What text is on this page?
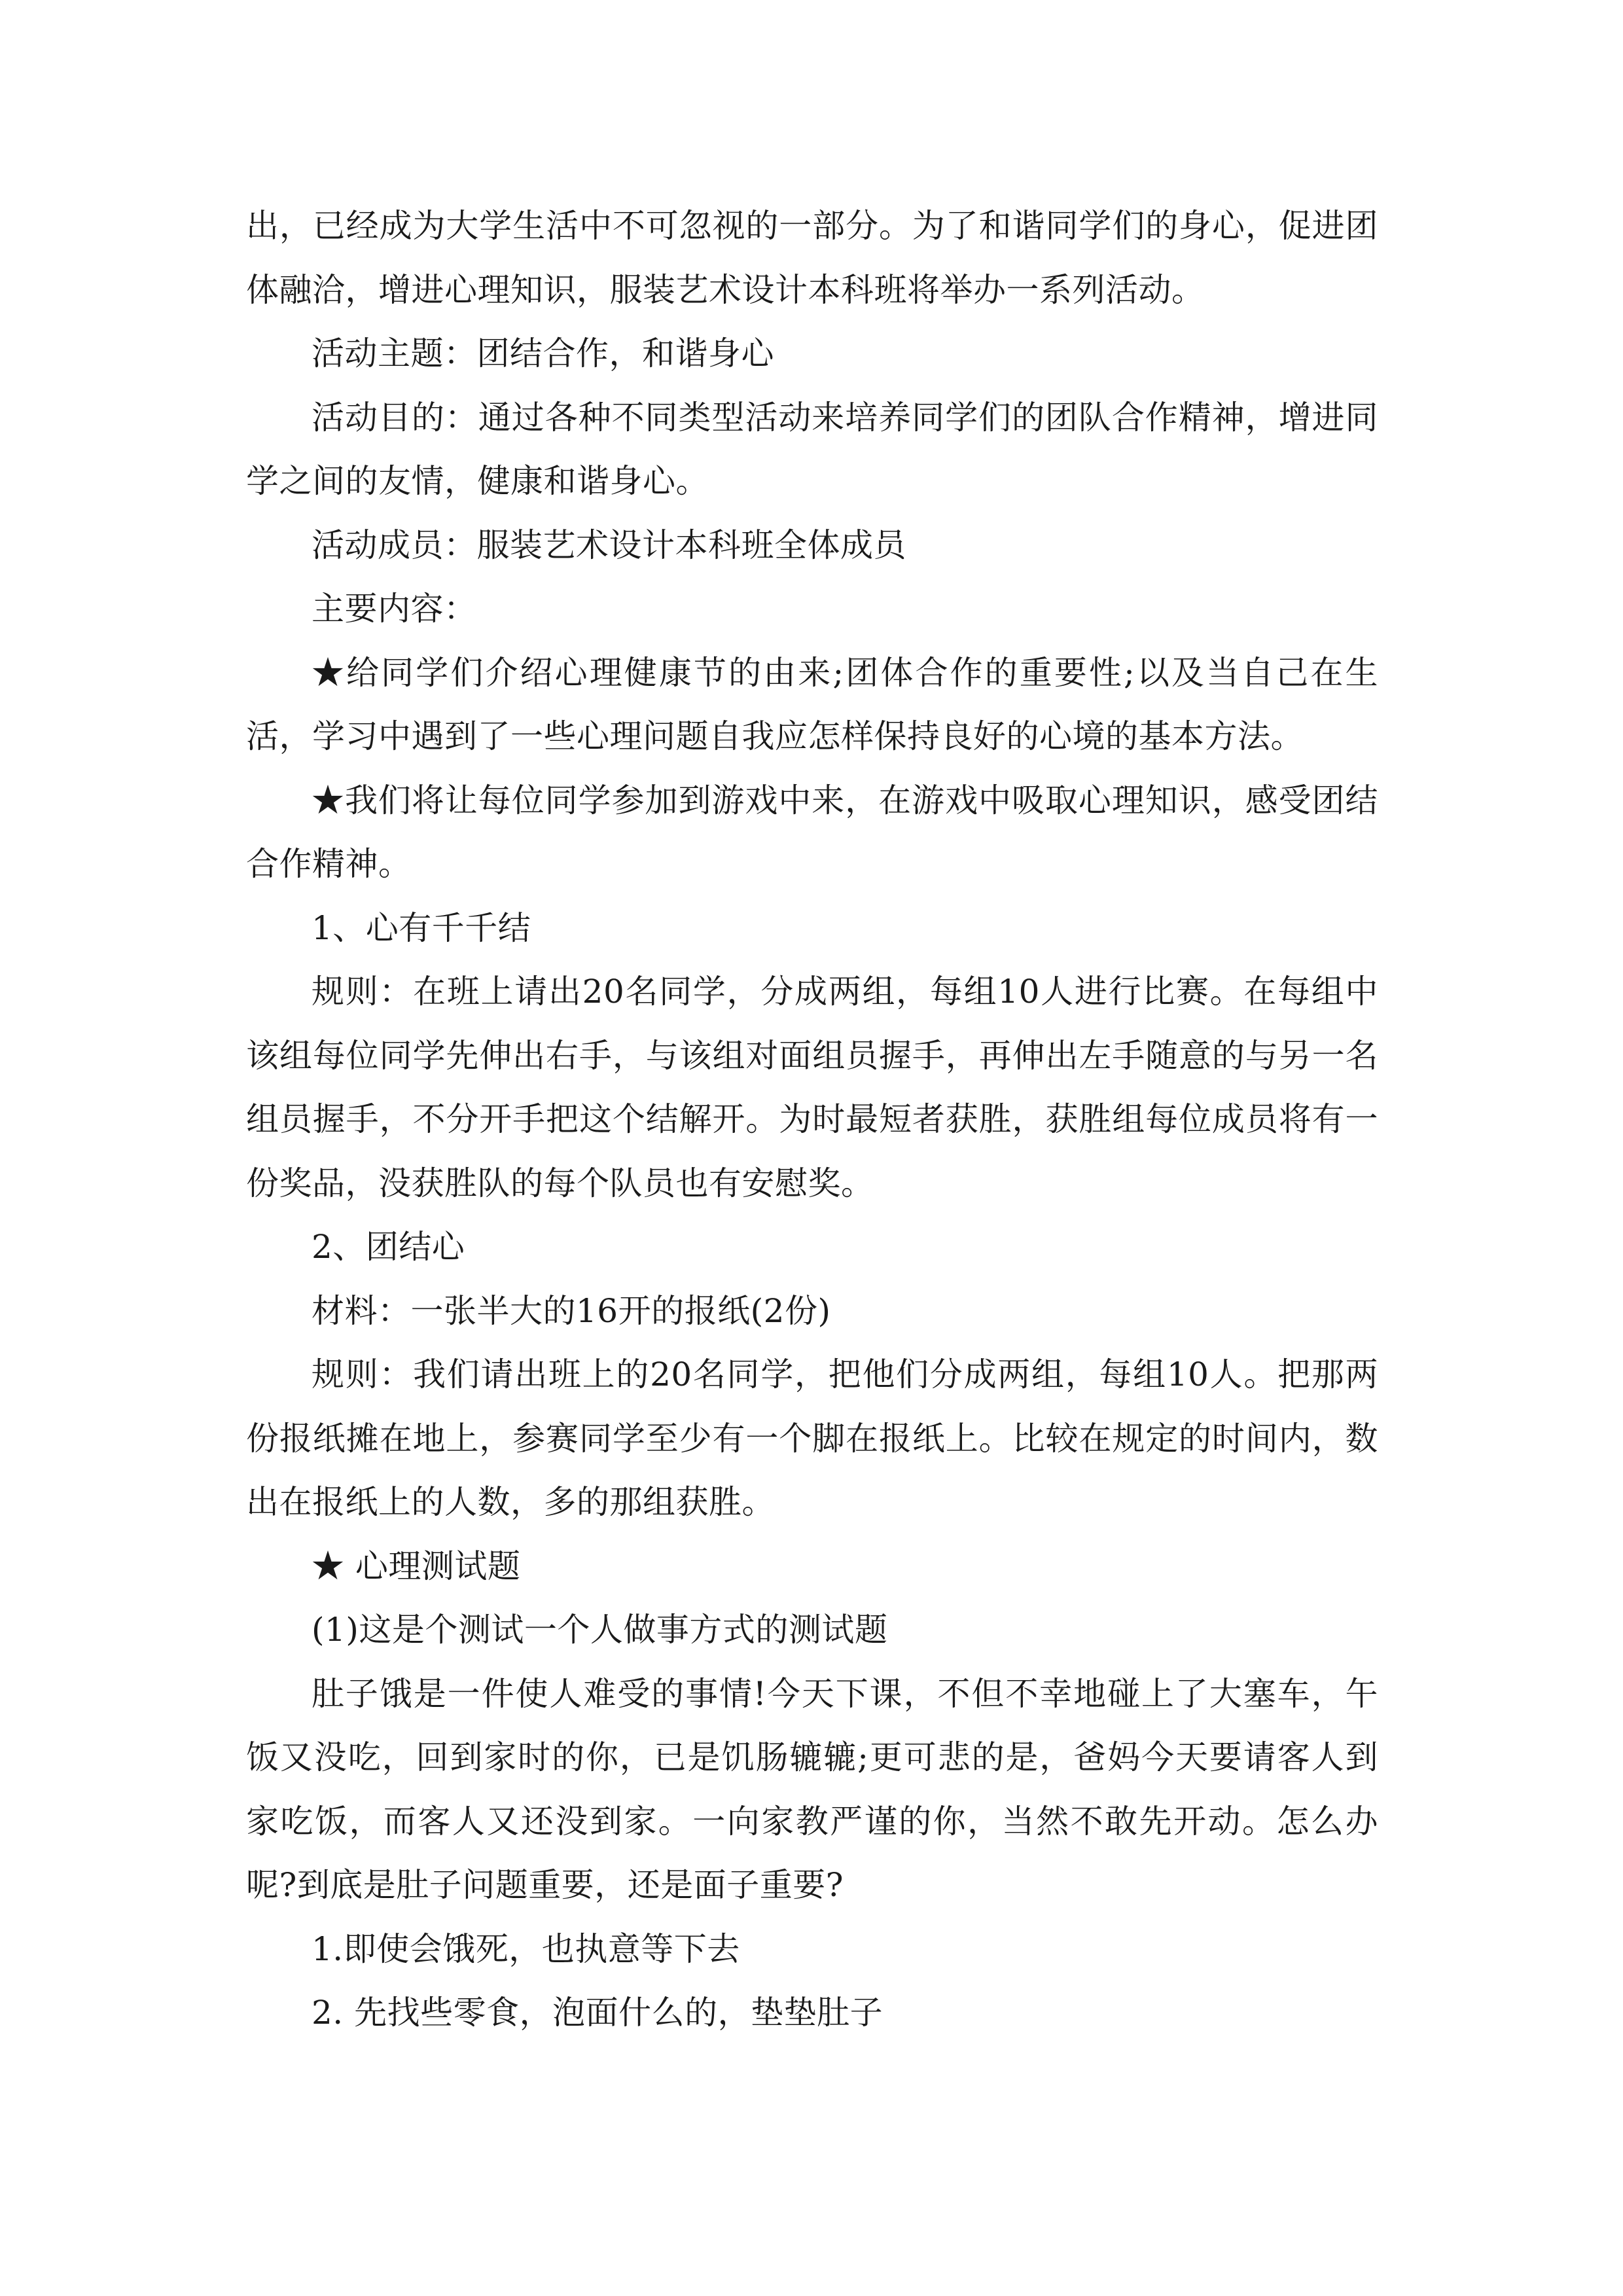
出，已经成为大学生活中不可忽视的一部分。为了和谐同学们的身心，促进团体融洽，增进心理知识，服装艺术设计本科班将举办一系列活动。

活动主题：团结合作，和谐身心

活动目的：通过各种不同类型活动来培养同学们的团队合作精神，增进同学之间的友情，健康和谐身心。

活动成员：服装艺术设计本科班全体成员

主要内容：

★给同学们介绍心理健康节的由来;团体合作的重要性;以及当自己在生活，学习中遇到了一些心理问题自我应怎样保持良好的心境的基本方法。

★我们将让每位同学参加到游戏中来，在游戏中吸取心理知识，感受团结合作精神。

1、心有千千结

规则：在班上请出20名同学，分成两组，每组10人进行比赛。在每组中该组每位同学先伸出右手，与该组对面组员握手，再伸出左手随意的与另一名组员握手，不分开手把这个结解开。为时最短者获胜，获胜组每位成员将有一份奖品，没获胜队的每个队员也有安慰奖。

2、团结心

材料：一张半大的16开的报纸(2份)

规则：我们请出班上的20名同学，把他们分成两组，每组10人。把那两份报纸摊在地上，参赛同学至少有一个脚在报纸上。比较在规定的时间内，数出在报纸上的人数，多的那组获胜。

★ 心理测试题

(1)这是个测试一个人做事方式的测试题

肚子饿是一件使人难受的事情!今天下课，不但不幸地碰上了大塞车，午饭又没吃，回到家时的你，已是饥肠辘辘;更可悲的是，爸妈今天要请客人到家吃饭，而客人又还没到家。一向家教严谨的你，当然不敢先开动。怎么办呢?到底是肚子问题重要，还是面子重要?

1.即使会饿死，也执意等下去

2. 先找些零食，泡面什么的，垫垫肚子
